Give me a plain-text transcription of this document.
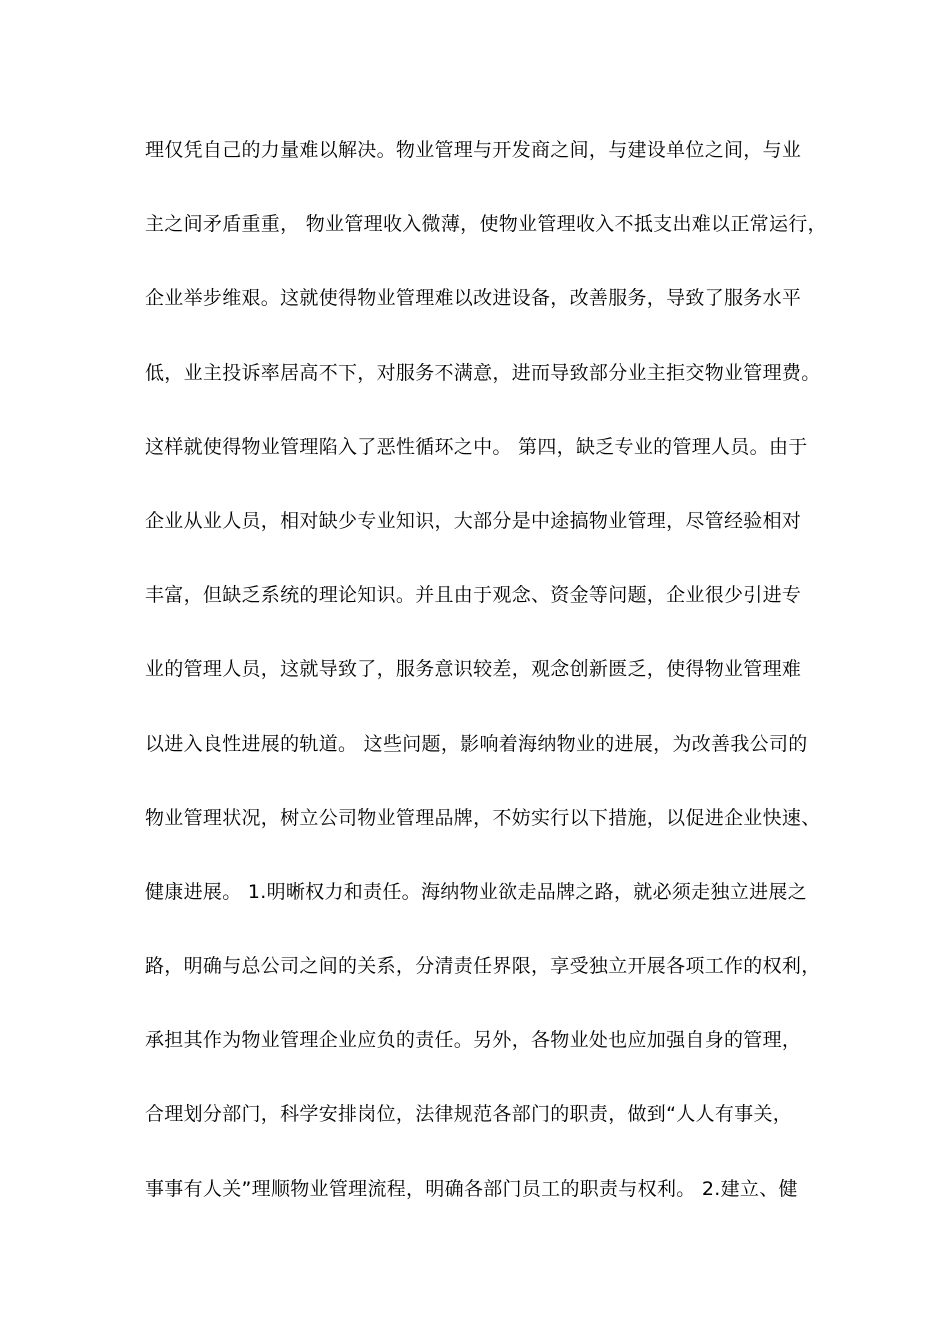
理仅凭自己的力量难以解决。物业管理与开发商之间，与建设单位之间，与业
主之间矛盾重重， 物业管理收入微薄，使物业管理收入不抵支出难以正常运行，
企业举步维艰。这就使得物业管理难以改进设备，改善服务，导致了服务水平
低，业主投诉率居高不下，对服务不满意，进而导致部分业主拒交物业管理费。
这样就使得物业管理陷入了恶性循环之中。 第四，缺乏专业的管理人员。由于
企业从业人员，相对缺少专业知识，大部分是中途搞物业管理，尽管经验相对
丰富，但缺乏系统的理论知识。并且由于观念、资金等问题，企业很少引进专
业的管理人员，这就导致了，服务意识较差，观念创新匮乏，使得物业管理难
以进入良性进展的轨道。 这些问题，影响着海纳物业的进展，为改善我公司的
物业管理状况，树立公司物业管理品牌，不妨实行以下措施，以促进企业快速、
健康进展。 1.明晰权力和责任。海纳物业欲走品牌之路，就必须走独立进展之
路，明确与总公司之间的关系，分清责任界限，享受独立开展各项工作的权利，
承担其作为物业管理企业应负的责任。另外，各物业处也应加强自身的管理，
合理划分部门，科学安排岗位，法律规范各部门的职责，做到“人人有事关，
事事有人关”理顺物业管理流程，明确各部门员工的职责与权利。 2.建立、健
